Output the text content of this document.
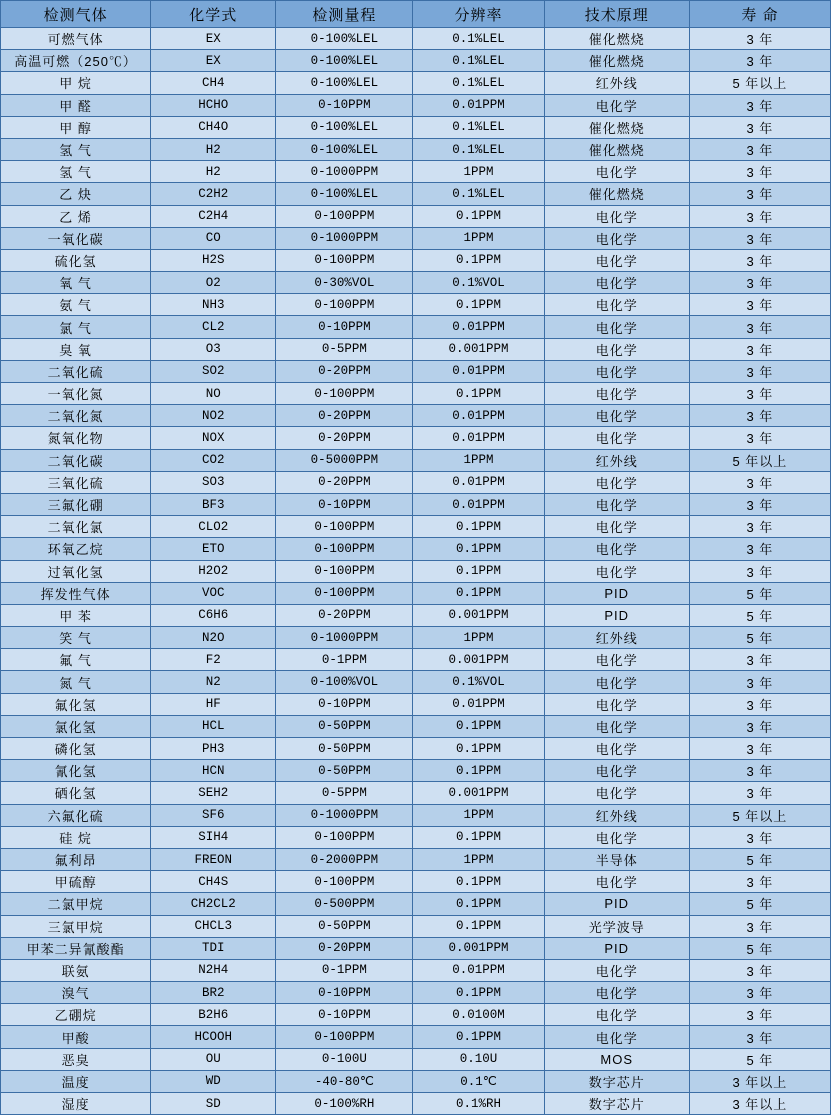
检测气体	化学式	检测量程	分辨率	技术原理	寿 命
可燃气体	EX	0-100%LEL	0.1%LEL	催化燃烧	3 年
高温可燃（250℃）	EX	0-100%LEL	0.1%LEL	催化燃烧	3 年
甲 烷	CH4	0-100%LEL	0.1%LEL	红外线	5 年以上
甲 醛	HCHO	0-10PPM	0.01PPM	电化学	3 年
甲 醇	CH4O	0-100%LEL	0.1%LEL	催化燃烧	3 年
氢 气	H2	0-100%LEL	0.1%LEL	催化燃烧	3 年
氢 气	H2	0-1000PPM	1PPM	电化学	3 年
乙 炔	C2H2	0-100%LEL	0.1%LEL	催化燃烧	3 年
乙 烯	C2H4	0-100PPM	0.1PPM	电化学	3 年
一氧化碳	CO	0-1000PPM	1PPM	电化学	3 年
硫化氢	H2S	0-100PPM	0.1PPM	电化学	3 年
氧 气	O2	0-30%VOL	0.1%VOL	电化学	3 年
氨 气	NH3	0-100PPM	0.1PPM	电化学	3 年
氯 气	CL2	0-10PPM	0.01PPM	电化学	3 年
臭 氧	O3	0-5PPM	0.001PPM	电化学	3 年
二氧化硫	SO2	0-20PPM	0.01PPM	电化学	3 年
一氧化氮	NO	0-100PPM	0.1PPM	电化学	3 年
二氧化氮	NO2	0-20PPM	0.01PPM	电化学	3 年
氮氧化物	NOX	0-20PPM	0.01PPM	电化学	3 年
二氧化碳	CO2	0-5000PPM	1PPM	红外线	5 年以上
三氧化硫	SO3	0-20PPM	0.01PPM	电化学	3 年
三氟化硼	BF3	0-10PPM	0.01PPM	电化学	3 年
二氧化氯	CLO2	0-100PPM	0.1PPM	电化学	3 年
环氧乙烷	ETO	0-100PPM	0.1PPM	电化学	3 年
过氧化氢	H2O2	0-100PPM	0.1PPM	电化学	3 年
挥发性气体	VOC	0-100PPM	0.1PPM	PID	5 年
甲 苯	C6H6	0-20PPM	0.001PPM	PID	5 年
笑 气	N2O	0-1000PPM	1PPM	红外线	5 年
氟 气	F2	0-1PPM	0.001PPM	电化学	3 年
氮 气	N2	0-100%VOL	0.1%VOL	电化学	3 年
氟化氢	HF	0-10PPM	0.01PPM	电化学	3 年
氯化氢	HCL	0-50PPM	0.1PPM	电化学	3 年
磷化氢	PH3	0-50PPM	0.1PPM	电化学	3 年
氰化氢	HCN	0-50PPM	0.1PPM	电化学	3 年
硒化氢	SEH2	0-5PPM	0.001PPM	电化学	3 年
六氟化硫	SF6	0-1000PPM	1PPM	红外线	5 年以上
硅 烷	SIH4	0-100PPM	0.1PPM	电化学	3 年
氟利昂	FREON	0-2000PPM	1PPM	半导体	5 年
甲硫醇	CH4S	0-100PPM	0.1PPM	电化学	3 年
二氯甲烷	CH2CL2	0-500PPM	0.1PPM	PID	5 年
三氯甲烷	CHCL3	0-50PPM	0.1PPM	光学波导	3 年
甲苯二异氰酸酯	TDI	0-20PPM	0.001PPM	PID	5 年
联氨	N2H4	0-1PPM	0.01PPM	电化学	3 年
溴气	BR2	0-10PPM	0.1PPM	电化学	3 年
乙硼烷	B2H6	0-10PPM	0.0100M	电化学	3 年
甲酸	HCOOH	0-100PPM	0.1PPM	电化学	3 年
恶臭	OU	0-100U	0.10U	MOS	5 年
温度	WD	-40-80℃	0.1℃	数字芯片	3 年以上
湿度	SD	0-100%RH	0.1%RH	数字芯片	3 年以上
